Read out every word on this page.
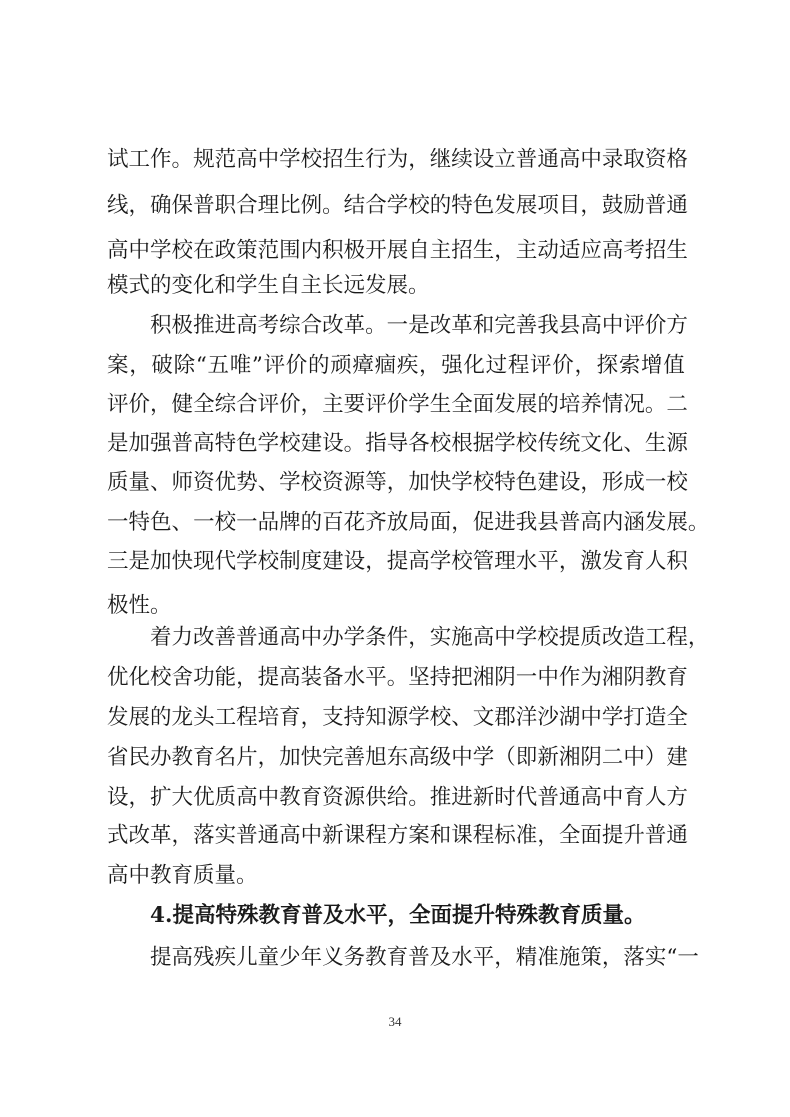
试 工 作 。 规 范 高 中 学 校 招 生 行 为 ， 继 续 设 立 普 通 高 中 录 取 资 格
线 ， 确 保 普 职 合 理 比 例 。 结 合 学 校 的 特 色 发 展 项 目 ， 鼓 励 普 通
高 中 学 校 在 政 策 范 围 内 积 极 开 展 自 主 招 生 ， 主 动 适 应 高 考 招 生
模式的变化和学生自主长远发展。
积 极 推 进 高 考 综 合 改 革 。 一 是 改 革 和 完 善 我 县 高 中 评 价 方
案 ， 破 除 “ 五 唯 ” 评 价 的 顽 瘴 痼 疾 ， 强 化 过 程 评 价 ， 探 索 增 值
评 价 ， 健 全 综 合 评 价 ， 主 要 评 价 学 生 全 面 发 展 的 培 养 情 况 。 二
是 加 强 普 高 特 色 学 校 建 设 。 指 导 各 校 根 据 学 校 传 统 文 化 、 生 源
质 量 、 师 资 优 势 、 学 校 资 源 等 ， 加 快 学 校 特 色 建 设 ， 形 成 一 校
一 特 色 、 一 校 一 品 牌 的 百 花 齐 放 局 面 ， 促 进 我 县 普 高 内 涵 发 展 。
三 是 加 快 现 代 学 校 制 度 建 设 ， 提 高 学 校 管 理 水 平 ， 激 发 育 人 积
极性。
着 力 改 善 普 通 高 中 办 学 条 件 ， 实 施 高 中 学 校 提 质 改 造 工 程 ，
优 化 校 舍 功 能 ， 提 高 装 备 水 平 。 坚 持 把 湘 阴 一 中 作 为 湘 阴 教 育
发 展 的 龙 头 工 程 培 育 ， 支 持 知 源 学 校 、 文 郡 洋 沙 湖 中 学 打 造 全
省 民 办 教 育 名 片 ， 加 快 完 善 旭 东 高 级 中 学 （ 即 新 湘 阴 二 中 ） 建
设 ， 扩 大 优 质 高 中 教 育 资 源 供 给 。 推 进 新 时 代 普 通 高 中 育 人 方
式 改 革 ， 落 实 普 通 高 中 新 课 程 方 案 和 课 程 标 准 ， 全 面 提 升 普 通
高中教育质量。
4.提高特殊教育普及水平，全面提升特殊教育质量。
提 高 残 疾 儿 童 少 年 义 务 教 育 普 及 水 平 ， 精 准 施 策 ， 落 实 “ 一
34
